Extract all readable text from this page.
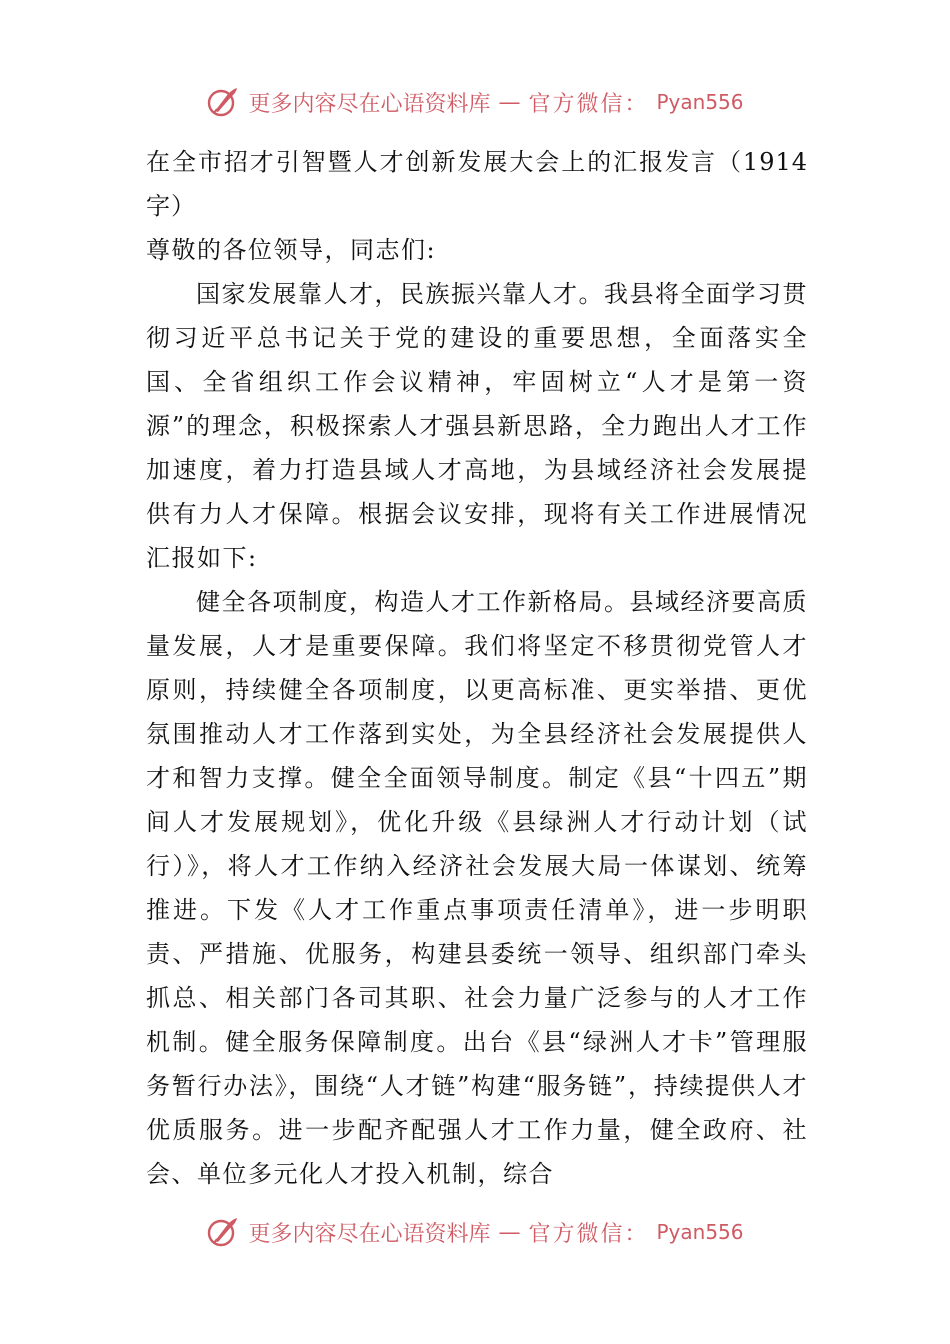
更多内容尽在心语资料库 — 官方微信： Pyan556

在全市招才引智暨人才创新发展大会上的汇报发言（1914字）

尊敬的各位领导，同志们:

国家发展靠人才，民族振兴靠人才。我县将全面学习贯彻习近平总书记关于党的建设的重要思想，全面落实全国、全省组织工作会议精神，牢固树立“人才是第一资源”的理念，积极探索人才强县新思路，全力跑出人才工作加速度，着力打造县域人才高地，为县域经济社会发展提供有力人才保障。根据会议安排，现将有关工作进展情况汇报如下:

健全各项制度，构造人才工作新格局。县域经济要高质量发展，人才是重要保障。我们将坚定不移贯彻党管人才原则，持续健全各项制度，以更高标准、更实举措、更优氛围推动人才工作落到实处，为全县经济社会发展提供人才和智力支撑。健全全面领导制度。制定《县“十四五”期间人才发展规划》，优化升级《县绿洲人才行动计划（试行）》，将人才工作纳入经济社会发展大局一体谋划、统筹推进。下发《人才工作重点事项责任清单》，进一步明职责、严措施、优服务，构建县委统一领导、组织部门牵头抓总、相关部门各司其职、社会力量广泛参与的人才工作机制。健全服务保障制度。出台《县“绿洲人才卡”管理服务暂行办法》，围绕“人才链”构建“服务链”，持续提供人才优质服务。进一步配齐配强人才工作力量，健全政府、社会、单位多元化人才投入机制，综合

更多内容尽在心语资料库 — 官方微信： Pyan556
